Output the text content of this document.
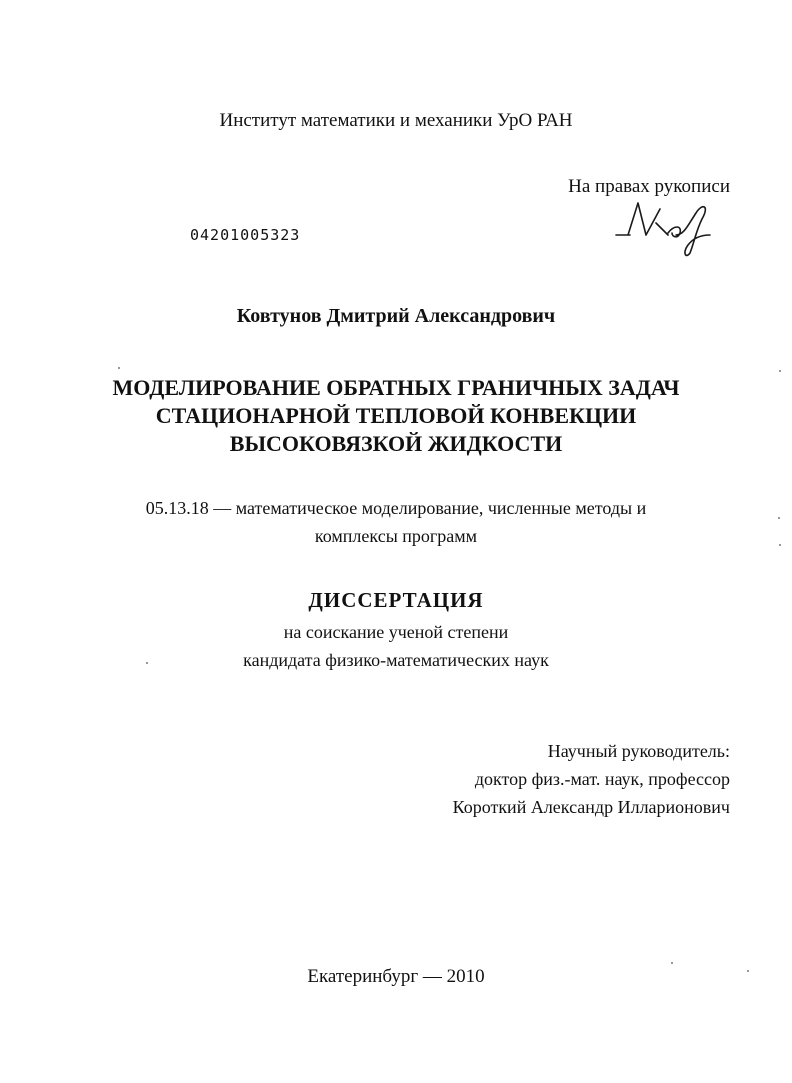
Институт математики и механики УрО РАН
На правах рукописи
04201005323
Ковтунов Дмитрий Александрович
МОДЕЛИРОВАНИЕ ОБРАТНЫХ ГРАНИЧНЫХ ЗАДАЧ
СТАЦИОНАРНОЙ ТЕПЛОВОЙ КОНВЕКЦИИ
ВЫСОКОВЯЗКОЙ ЖИДКОСТИ
05.13.18 — математическое моделирование, численные методы и
комплексы программ
ДИССЕРТАЦИЯ
на соискание ученой степени
кандидата физико-математических наук
Научный руководитель:
доктор физ.-мат. наук, профессор
Короткий Александр Илларионович
Екатеринбург — 2010
